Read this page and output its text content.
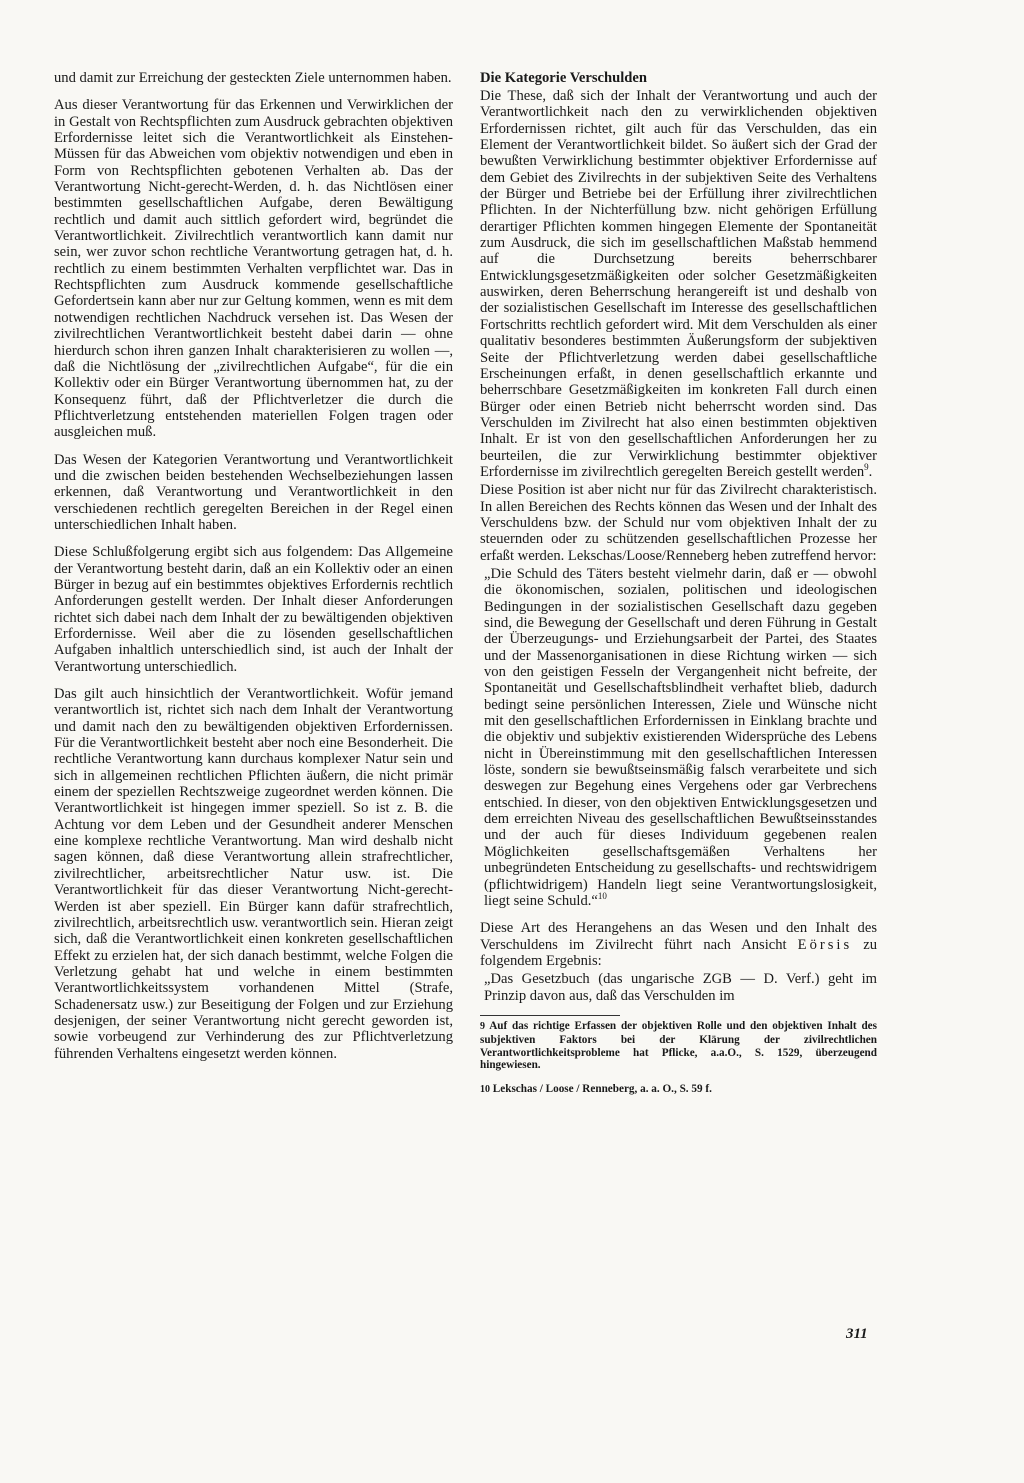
und damit zur Erreichung der gesteckten Ziele unternommen haben.

Aus dieser Verantwortung für das Erkennen und Verwirklichen der in Gestalt von Rechtspflichten zum Ausdruck gebrachten objektiven Erfordernisse leitet sich die Verantwortlichkeit als Einstehen-Müssen für das Abweichen vom objektiv notwendigen und eben in Form von Rechtspflichten gebotenen Verhalten ab. Das der Verantwortung Nicht-gerecht-Werden, d. h. das Nichtlösen einer bestimmten gesellschaftlichen Aufgabe, deren Bewältigung rechtlich und damit auch sittlich gefordert wird, begründet die Verantwortlichkeit. Zivilrechtlich verantwortlich kann damit nur sein, wer zuvor schon rechtliche Verantwortung getragen hat, d. h. rechtlich zu einem bestimmten Verhalten verpflichtet war. Das in Rechtspflichten zum Ausdruck kommende gesellschaftliche Gefordertsein kann aber nur zur Geltung kommen, wenn es mit dem notwendigen rechtlichen Nachdruck versehen ist. Das Wesen der zivilrechtlichen Verantwortlichkeit besteht dabei darin — ohne hierdurch schon ihren ganzen Inhalt charakterisieren zu wollen —, daß die Nichtlösung der „zivilrechtlichen Aufgabe“, für die ein Kollektiv oder ein Bürger Verantwortung übernommen hat, zu der Konsequenz führt, daß der Pflichtverletzer die durch die Pflichtverletzung entstehenden materiellen Folgen tragen oder ausgleichen muß.

Das Wesen der Kategorien Verantwortung und Verantwortlichkeit und die zwischen beiden bestehenden Wechselbeziehungen lassen erkennen, daß Verantwortung und Verantwortlichkeit in den verschiedenen rechtlich geregelten Bereichen in der Regel einen unterschiedlichen Inhalt haben.

Diese Schlußfolgerung ergibt sich aus folgendem: Das Allgemeine der Verantwortung besteht darin, daß an ein Kollektiv oder an einen Bürger in bezug auf ein bestimmtes objektives Erfordernis rechtlich Anforderungen gestellt werden. Der Inhalt dieser Anforderungen richtet sich dabei nach dem Inhalt der zu bewältigenden objektiven Erfordernisse. Weil aber die zu lösenden gesellschaftlichen Aufgaben inhaltlich unterschiedlich sind, ist auch der Inhalt der Verantwortung unterschiedlich.

Das gilt auch hinsichtlich der Verantwortlichkeit. Wofür jemand verantwortlich ist, richtet sich nach dem Inhalt der Verantwortung und damit nach den zu bewältigenden objektiven Erfordernissen. Für die Verantwortlichkeit besteht aber noch eine Besonderheit. Die rechtliche Verantwortung kann durchaus komplexer Natur sein und sich in allgemeinen rechtlichen Pflichten äußern, die nicht primär einem der speziellen Rechtszweige zugeordnet werden können. Die Verantwortlichkeit ist hingegen immer speziell. So ist z. B. die Achtung vor dem Leben und der Gesundheit anderer Menschen eine komplexe rechtliche Verantwortung. Man wird deshalb nicht sagen können, daß diese Verantwortung allein strafrechtlicher, zivilrechtlicher, arbeitsrechtlicher Natur usw. ist. Die Verantwortlichkeit für das dieser Verantwortung Nicht-gerecht-Werden ist aber speziell. Ein Bürger kann dafür strafrechtlich, zivilrechtlich, arbeitsrechtlich usw. verantwortlich sein. Hieran zeigt sich, daß die Verantwortlichkeit einen konkreten gesellschaftlichen Effekt zu erzielen hat, der sich danach bestimmt, welche Folgen die Verletzung gehabt hat und welche in einem bestimmten Verantwortlichkeitssystem vorhandenen Mittel (Strafe, Schadenersatz usw.) zur Beseitigung der Folgen und zur Erziehung desjenigen, der seiner Verantwortung nicht gerecht geworden ist, sowie vorbeugend zur Verhinderung des zur Pflichtverletzung führenden Verhaltens eingesetzt werden können.

Die Kategorie Verschulden

Die These, daß sich der Inhalt der Verantwortung und auch der Verantwortlichkeit nach den zu verwirklichenden objektiven Erfordernissen richtet, gilt auch für das Verschulden, das ein Element der Verantwortlichkeit bildet. So äußert sich der Grad der bewußten Verwirklichung bestimmter objektiver Erfordernisse auf dem Gebiet des Zivilrechts in der subjektiven Seite des Verhaltens der Bürger und Betriebe bei der Erfüllung ihrer zivilrechtlichen Pflichten. In der Nichterfüllung bzw. nicht gehörigen Erfüllung derartiger Pflichten kommen hingegen Elemente der Spontaneität zum Ausdruck, die sich im gesellschaftlichen Maßstab hemmend auf die Durchsetzung bereits beherrschbarer Entwicklungsgesetzmäßigkeiten oder solcher Gesetzmäßigkeiten auswirken, deren Beherrschung herangereift ist und deshalb von der sozialistischen Gesellschaft im Interesse des gesellschaftlichen Fortschritts rechtlich gefordert wird. Mit dem Verschulden als einer qualitativ besonderes bestimmten Äußerungsform der subjektiven Seite der Pflichtverletzung werden dabei gesellschaftliche Erscheinungen erfaßt, in denen gesellschaftlich erkannte und beherrschbare Gesetzmäßigkeiten im konkreten Fall durch einen Bürger oder einen Betrieb nicht beherrscht worden sind. Das Verschulden im Zivilrecht hat also einen bestimmten objektiven Inhalt. Er ist von den gesellschaftlichen Anforderungen her zu beurteilen, die zur Verwirklichung bestimmter objektiver Erfordernisse im zivilrechtlich geregelten Bereich gestellt werden$^9$.

Diese Position ist aber nicht nur für das Zivilrecht charakteristisch. In allen Bereichen des Rechts können das Wesen und der Inhalt des Verschuldens bzw. der Schuld nur vom objektiven Inhalt der zu steuernden oder zu schützenden gesellschaftlichen Prozesse her erfaßt werden. Lekschas/Loose/Renneberg heben zutreffend hervor:

„Die Schuld des Täters besteht vielmehr darin, daß er — obwohl die ökonomischen, sozialen, politischen und ideologischen Bedingungen in der sozialistischen Gesellschaft dazu gegeben sind, die Bewegung der Gesellschaft und deren Führung in Gestalt der Überzeugungs- und Erziehungsarbeit der Partei, des Staates und der Massenorganisationen in diese Richtung wirken — sich von den geistigen Fesseln der Vergangenheit nicht befreite, der Spontaneität und Gesellschaftsblindheit verhaftet blieb, dadurch bedingt seine persönlichen Interessen, Ziele und Wünsche nicht mit den gesellschaftlichen Erfordernissen in Einklang brachte und die objektiv und subjektiv existierenden Widersprüche des Lebens nicht in Übereinstimmung mit den gesellschaftlichen Interessen löste, sondern sie bewußtseinsmäßig falsch verarbeitete und sich deswegen zur Begehung eines Vergehens oder gar Verbrechens entschied. In dieser, von den objektiven Entwicklungsgesetzen und dem erreichten Niveau des gesellschaftlichen Bewußtseinsstandes und der auch für dieses Individuum gegebenen realen Möglichkeiten gesellschaftsgemäßen Verhaltens her unbegründeten Entscheidung zu gesellschafts- und rechtswidrigem (pflichtwidrigem) Handeln liegt seine Verantwortungslosigkeit, liegt seine Schuld.“$^{10}$

Diese Art des Herangehens an das Wesen und den Inhalt des Verschuldens im Zivilrecht führt nach Ansicht Eörsis zu folgendem Ergebnis:

„Das Gesetzbuch (das ungarische ZGB — D. Verf.) geht im Prinzip davon aus, daß das Verschulden im

9 Auf das richtige Erfassen der objektiven Rolle und den objektiven Inhalt des subjektiven Faktors bei der Klärung der zivilrechtlichen Verantwortlichkeitsprobleme hat Pflicke, a.a.O., S. 1529, überzeugend hingewiesen.

10 Lekschas / Loose / Renneberg, a. a. O., S. 59 f.

311
